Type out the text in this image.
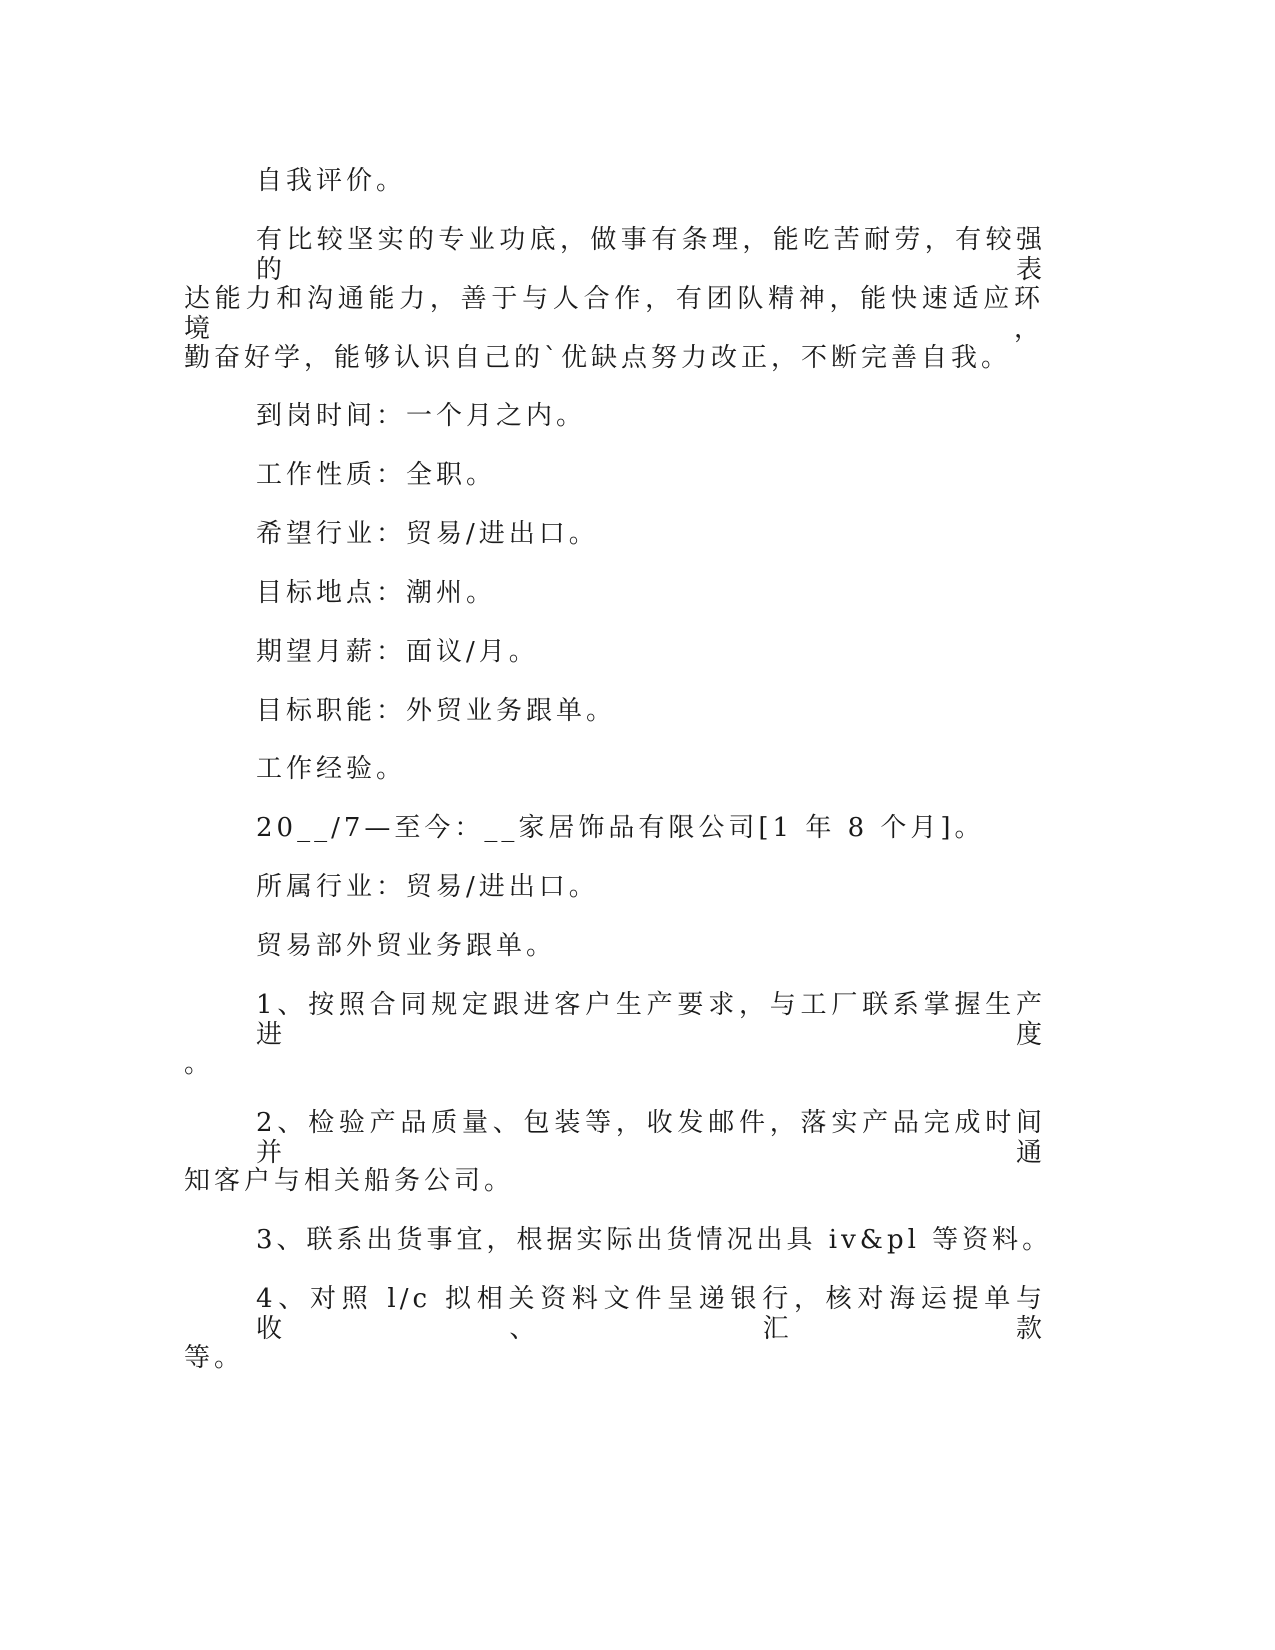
自我评价。
有比较坚实的专业功底，做事有条理，能吃苦耐劳，有较强的表
达能力和沟通能力，善于与人合作，有团队精神，能快速适应环境，
勤奋好学，能够认识自己的`优缺点努力改正，不断完善自我。
到岗时间：一个月之内。
工作性质：全职。
希望行业：贸易/进出口。
目标地点：潮州。
期望月薪：面议/月。
目标职能：外贸业务跟单。
工作经验。
20__/7—至今：__家居饰品有限公司[1 年 8 个月]。
所属行业：贸易/进出口。
贸易部外贸业务跟单。
1、按照合同规定跟进客户生产要求，与工厂联系掌握生产进度
。
2、检验产品质量、包装等，收发邮件，落实产品完成时间并通
知客户与相关船务公司。
3、联系出货事宜，根据实际出货情况出具 iv&pl 等资料。
4、对照 l/c 拟相关资料文件呈递银行，核对海运提单与收、汇款
等。
